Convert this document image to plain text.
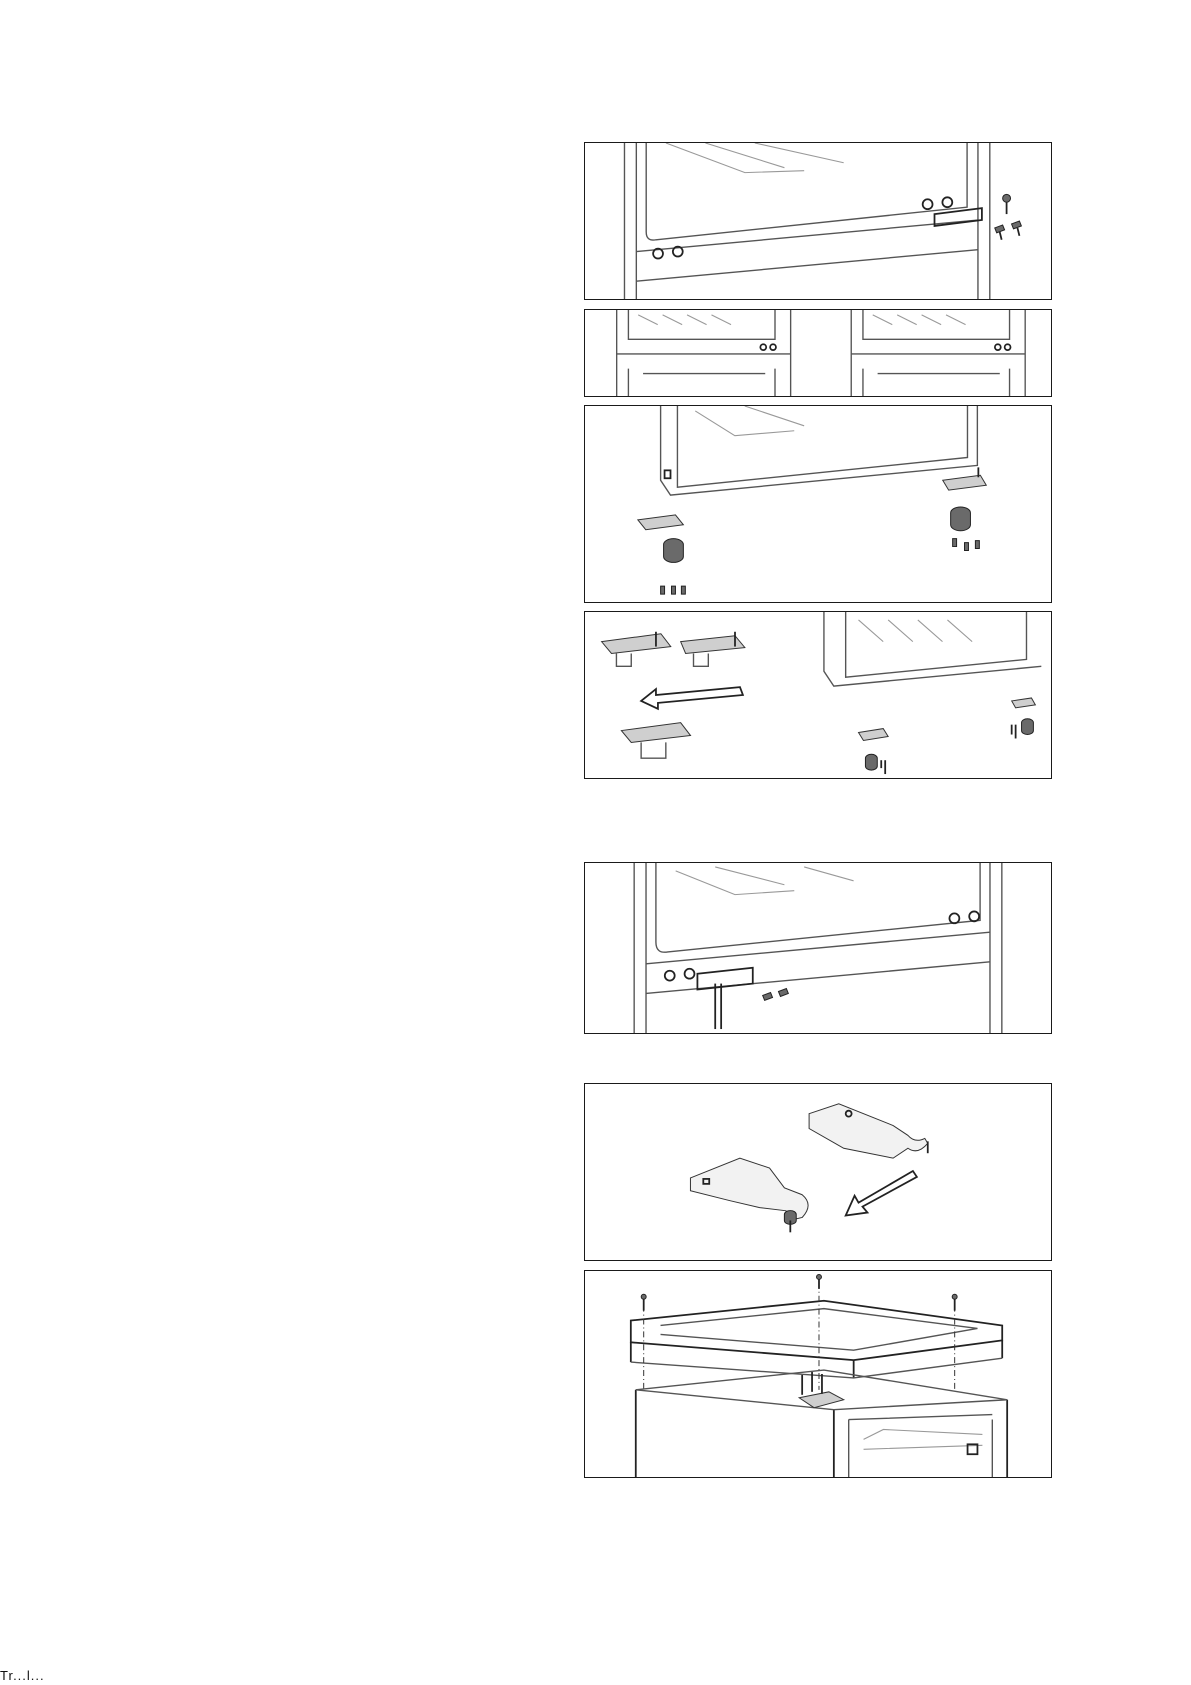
Tr...l...
